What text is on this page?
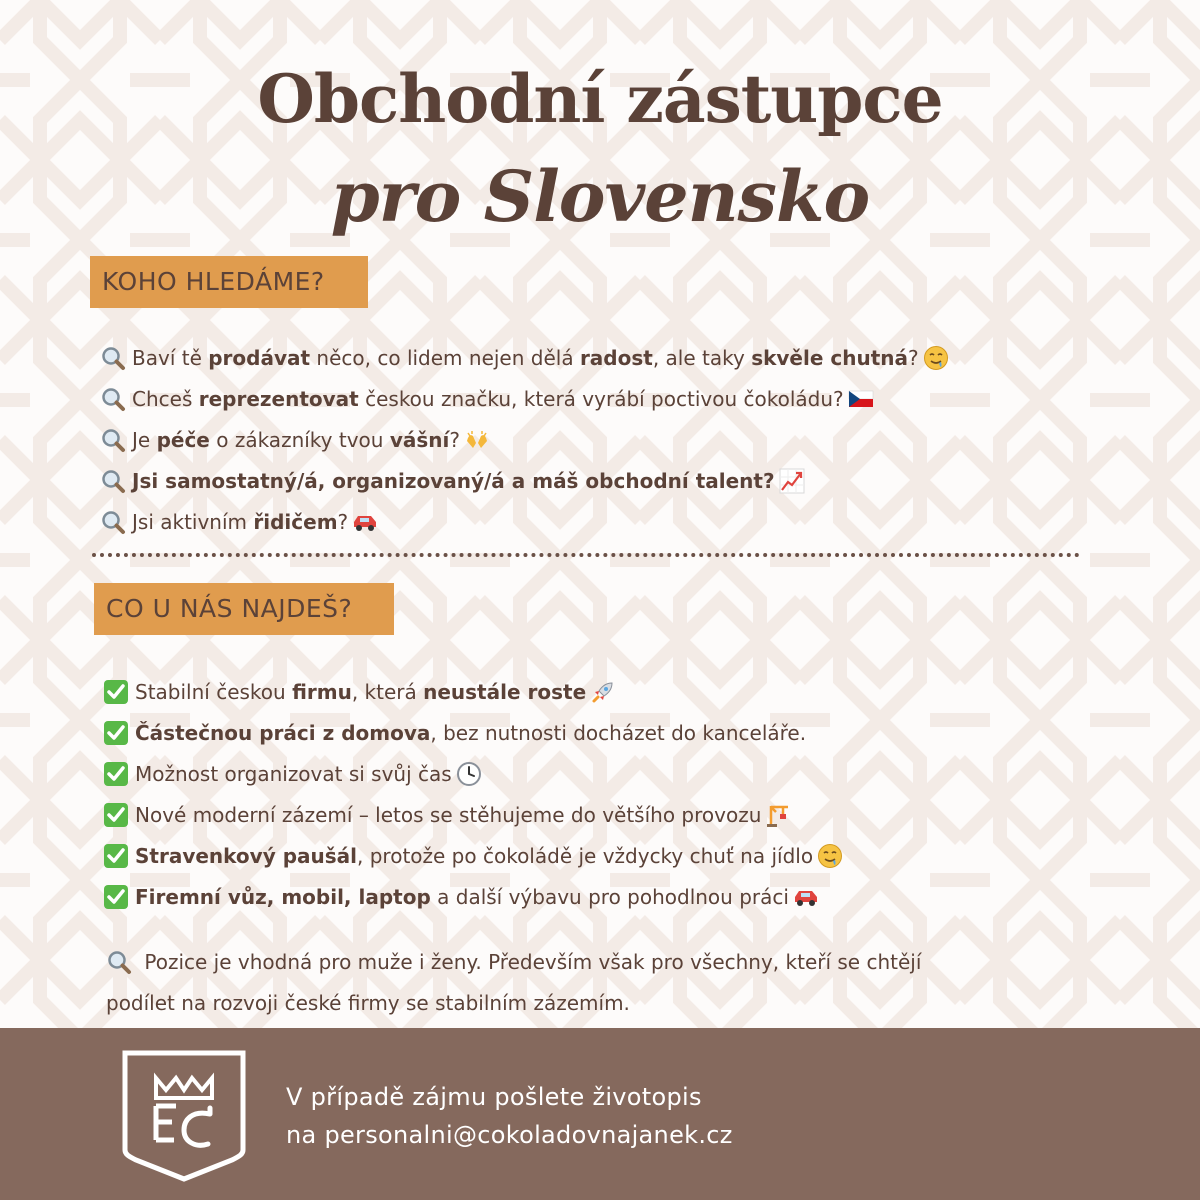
Obchodní zástupce
pro Slovensko
KOHO HLEDÁME?
Baví tě prodávat něco, co lidem nejen dělá radost, ale taky skvěle chutná?
Chceš reprezentovat českou značku, která vyrábí poctivou čokoládu?
Je péče o zákazníky tvou vášní?
Jsi samostatný/á, organizovaný/á a máš obchodní talent?
Jsi aktivním řidičem?
CO U NÁS NAJDEŠ?
Stabilní českou firmu, která neustále roste
Částečnou práci z domova, bez nutnosti docházet do kanceláře.
Možnost organizovat si svůj čas
Nové moderní zázemí – letos se stěhujeme do většího provozu
Stravenkový paušál, protože po čokoládě je vždycky chuť na jídlo
Firemní vůz, mobil, laptop a další výbavu pro pohodlnou práci
Pozice je vhodná pro muže i ženy. Především však pro všechny, kteří se chtějí
podílet na rozvoji české firmy se stabilním zázemím.
V případě zájmu pošlete životopis
na personalni@cokoladovnajanek.cz
